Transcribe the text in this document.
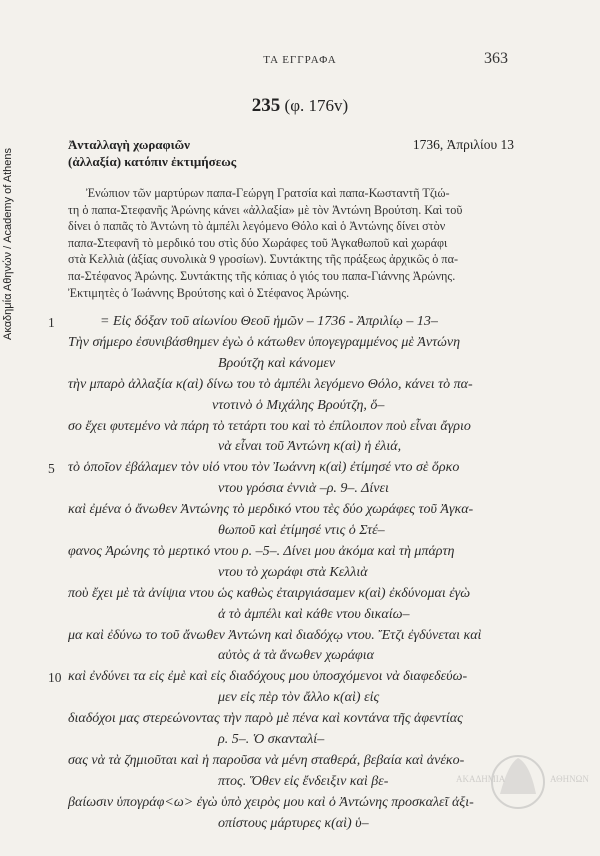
Ακαδημία Αθηνών / Academy of Athens
ΤΑ ΕΓΓΡΑΦΑ	363
235 (φ. 176v)
Ἀνταλλαγὴ χωραφιῶν
(ἀλλαξία) κατόπιν ἐκτιμήσεως
1736, Ἀπριλίου 13
Ἐνώπιον τῶν μαρτύρων παπα-Γεώργη Γρατσία καὶ παπα-Κωσταντῆ Τζιώ-
τη ὁ παπα-Στεφανῆς Ἀρώνης κάνει «ἀλλαξία» μὲ τὸν Ἀντώνη Βρούτση. Καὶ τοῦ
δίνει ὁ παπᾶς τὸ Ἀντώνη τὸ ἀμπέλι λεγόμενο Θόλο καὶ ὁ Ἀντώνης δίνει στὸν
παπα-Στεφανῆ τὸ μερδικό του στὶς δύο Χωράφες τοῦ Ἀγκαθωποῦ καὶ χωράφι
στὰ Κελλιὰ (ἀξίας συνολικὰ 9 γροσίων). Συντάκτης τῆς πράξεως ἀρχικῶς ὁ πα-
πα-Στέφανος Ἀρώνης. Συντάκτης τῆς κόπιας ὁ γιός του παπα-Γιάννης Ἀρώνης.
Ἐκτιμητὲς ὁ Ἰωάννης Βρούτσης καὶ ὁ Στέφανος Ἀρώνης.
1
5
10
= Εἰς δόξαν τοῦ αἰωνίου Θεοῦ ἡμῶν – 1736 - Ἀπριλίῳ – 13–
Τὴν σήμερο ἐσυνιβάσθημεν ἐγὼ ὁ κάτωθεν ὑπογεγραμμένος μὲ Ἀντώνη
Βρούτζη καὶ κάνομεν
τὴν μπαρὸ ἀλλαξία κ(αὶ) δίνω του τὸ ἀμπέλι λεγόμενο Θόλο, κάνει τὸ πα-
ντοτινὸ ὁ Μιχάλης Βρούτζη, ὅ–
σο ἔχει φυτεμένο νὰ πάρη τὸ τετάρτι του καὶ τὸ ἐπίλοιπον ποὺ εἶναι ἄγριο
νὰ εἶναι τοῦ Ἀντώνη κ(αὶ) ἡ ἐλιά,
τὸ ὁποῖον ἐβάλαμεν τὸν υἱό ντου τὸν Ἰωάννη κ(αὶ) ἐτίμησέ ντο σὲ ὅρκο
ντου γρόσια ἐννιὰ –ρ. 9–. Δίνει
καὶ ἐμένα ὁ ἄνωθεν Ἀντώνης τὸ μερδικό ντου τὲς δύο χωράφες τοῦ Ἀγκα-
θωποῦ καὶ ἐτίμησέ ντις ὁ Στέ–
φανος Ἀρώνης τὸ μερτικό ντου ρ. –5–. Δίνει μου ἀκόμα καὶ τὴ μπάρτη
ντου τὸ χωράφι στὰ Κελλιὰ
ποὺ ἔχει μὲ τὰ ἀνίψια ντου ὡς καθὼς ἐταιργιάσαμεν κ(αὶ) ἐκδύνομαι ἐγὼ
ἀ τὸ ἀμπέλι καὶ κάθε ντου δικαίω–
μα καὶ ἐδύνω το τοῦ ἄνωθεν Ἀντώνη καὶ διαδόχῳ ντου. Ἔτζι ἐγδύνεται καὶ
αὐτὸς ἀ τὰ ἄνωθεν χωράφια
καὶ ἐνδύνει τα εἰς ἐμὲ καὶ εἰς διαδόχους μου ὑποσχόμενοι νὰ διαφεδεύω-
μεν εἰς πὲρ τὸν ἄλλο κ(αὶ) εἰς
διαδόχοι μας στερεώνοντας τὴν παρὸ μὲ πένα καὶ κοντάνα τῆς ἀφεντίας
ρ. 5–. Ὁ σκανταλί–
σας νὰ τὰ ζημιοῦται καὶ ἡ παροῦσα νὰ μένη σταθερά, βεβαία καὶ ἀνέκο-
πτος. Ὅθεν εἰς ἔνδειξιν καὶ βε-
βαίωσιν ὑπογράφ<ω> ἐγὼ ὑπὸ χειρὸς μου καὶ ὁ Ἀντώνης προσκαλεῖ ἀξι-
οπίστους μάρτυρες κ(αὶ) ὑ–
ΑΚΑΔΗΜΙΑ	ΑΘΗΝΩΝ
